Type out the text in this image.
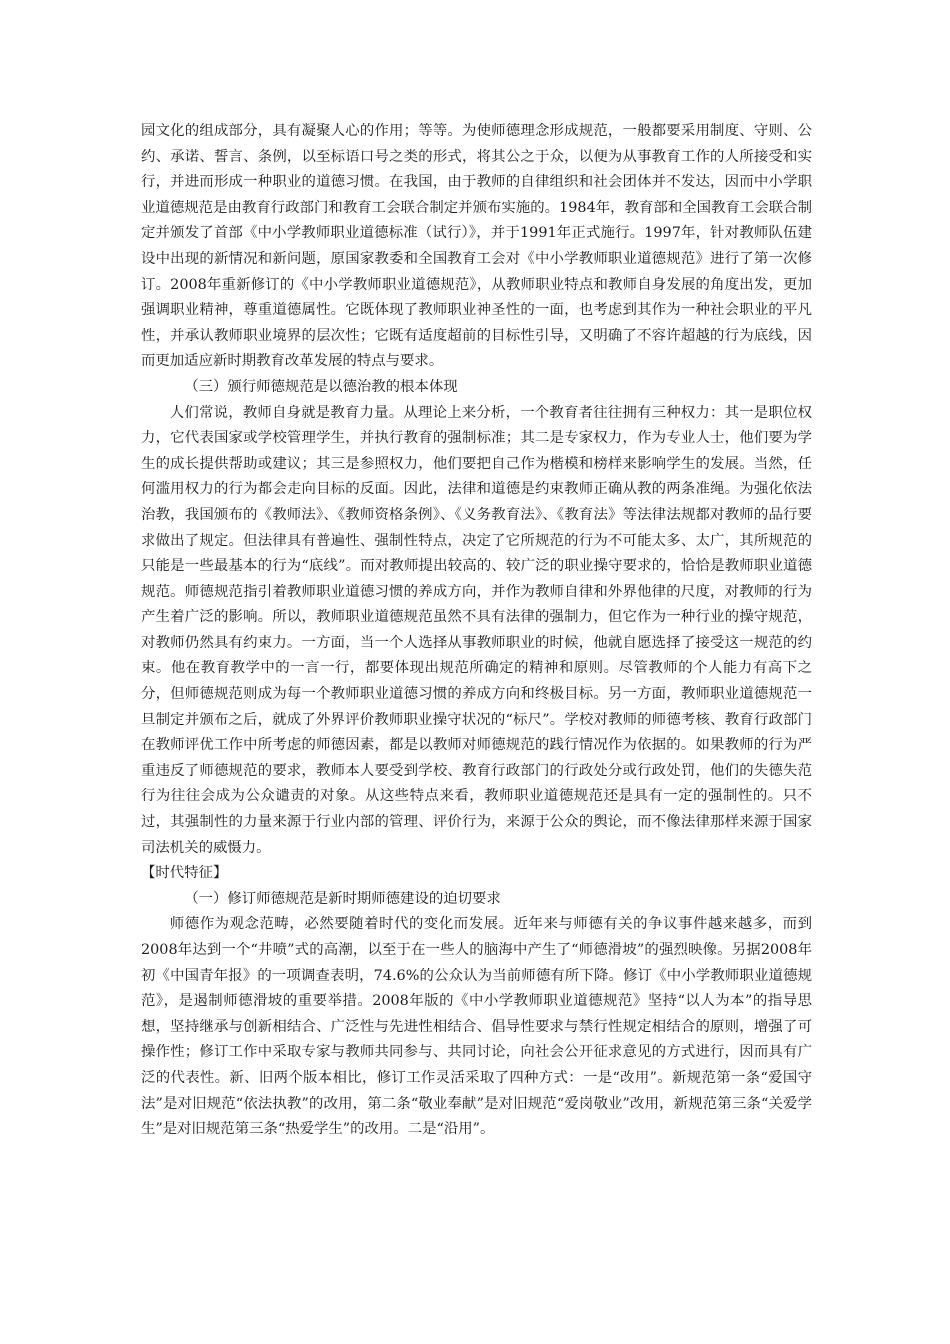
园文化的组成部分，具有凝聚人心的作用；等等。为使师德理念形成规范，一般都要采用制度、守则、公约、承诺、誓言、条例，以至标语口号之类的形式，将其公之于众，以便为从事教育工作的人所接受和实行，并进而形成一种职业的道德习惯。在我国，由于教师的自律组织和社会团体并不发达，因而中小学职业道德规范是由教育行政部门和教育工会联合制定并颁布实施的。1984年，教育部和全国教育工会联合制定并颁发了首部《中小学教师职业道德标准（试行）》，并于1991年正式施行。1997年，针对教师队伍建设中出现的新情况和新问题，原国家教委和全国教育工会对《中小学教师职业道德规范》进行了第一次修订。2008年重新修订的《中小学教师职业道德规范》，从教师职业特点和教师自身发展的角度出发，更加强调职业精神，尊重道德属性。它既体现了教师职业神圣性的一面，也考虑到其作为一种社会职业的平凡性，并承认教师职业境界的层次性；它既有适度超前的目标性引导，又明确了不容许超越的行为底线，因而更加适应新时期教育改革发展的特点与要求。

（三）颁行师德规范是以德治教的根本体现

人们常说，教师自身就是教育力量。从理论上来分析，一个教育者往往拥有三种权力：其一是职位权力，它代表国家或学校管理学生，并执行教育的强制标准；其二是专家权力，作为专业人士，他们要为学生的成长提供帮助或建议；其三是参照权力，他们要把自己作为楷模和榜样来影响学生的发展。当然，任何滥用权力的行为都会走向目标的反面。因此，法律和道德是约束教师正确从教的两条准绳。为强化依法治教，我国颁布的《教师法》、《教师资格条例》、《义务教育法》、《教育法》等法律法规都对教师的品行要求做出了规定。但法律具有普遍性、强制性特点，决定了它所规范的行为不可能太多、太广，其所规范的只能是一些最基本的行为“底线”。而对教师提出较高的、较广泛的职业操守要求的，恰恰是教师职业道德规范。师德规范指引着教师职业道德习惯的养成方向，并作为教师自律和外界他律的尺度，对教师的行为产生着广泛的影响。所以，教师职业道德规范虽然不具有法律的强制力，但它作为一种行业的操守规范，对教师仍然具有约束力。一方面，当一个人选择从事教师职业的时候，他就自愿选择了接受这一规范的约束。他在教育教学中的一言一行，都要体现出规范所确定的精神和原则。尽管教师的个人能力有高下之分，但师德规范则成为每一个教师职业道德习惯的养成方向和终极目标。另一方面，教师职业道德规范一旦制定并颁布之后，就成了外界评价教师职业操守状况的“标尺”。学校对教师的师德考核、教育行政部门在教师评优工作中所考虑的师德因素，都是以教师对师德规范的践行情况作为依据的。如果教师的行为严重违反了师德规范的要求，教师本人要受到学校、教育行政部门的行政处分或行政处罚，他们的失德失范行为往往会成为公众谴责的对象。从这些特点来看，教师职业道德规范还是具有一定的强制性的。只不过，其强制性的力量来源于行业内部的管理、评价行为，来源于公众的舆论，而不像法律那样来源于国家司法机关的威慑力。

【时代特征】

（一）修订师德规范是新时期师德建设的迫切要求

师德作为观念范畴，必然要随着时代的变化而发展。近年来与师德有关的争议事件越来越多，而到2008年达到一个“井喷”式的高潮，以至于在一些人的脑海中产生了“师德滑坡”的强烈映像。另据2008年初《中国青年报》的一项调查表明，74.6%的公众认为当前师德有所下降。修订《中小学教师职业道德规范》，是遏制师德滑坡的重要举措。2008年版的《中小学教师职业道德规范》坚持“以人为本”的指导思想，坚持继承与创新相结合、广泛性与先进性相结合、倡导性要求与禁行性规定相结合的原则，增强了可操作性；修订工作中采取专家与教师共同参与、共同讨论，向社会公开征求意见的方式进行，因而具有广泛的代表性。新、旧两个版本相比，修订工作灵活采取了四种方式：一是“改用”。新规范第一条“爱国守法”是对旧规范“依法执教”的改用，第二条“敬业奉献”是对旧规范“爱岗敬业”改用，新规范第三条“关爱学生”是对旧规范第三条“热爱学生”的改用。二是“沿用”。
